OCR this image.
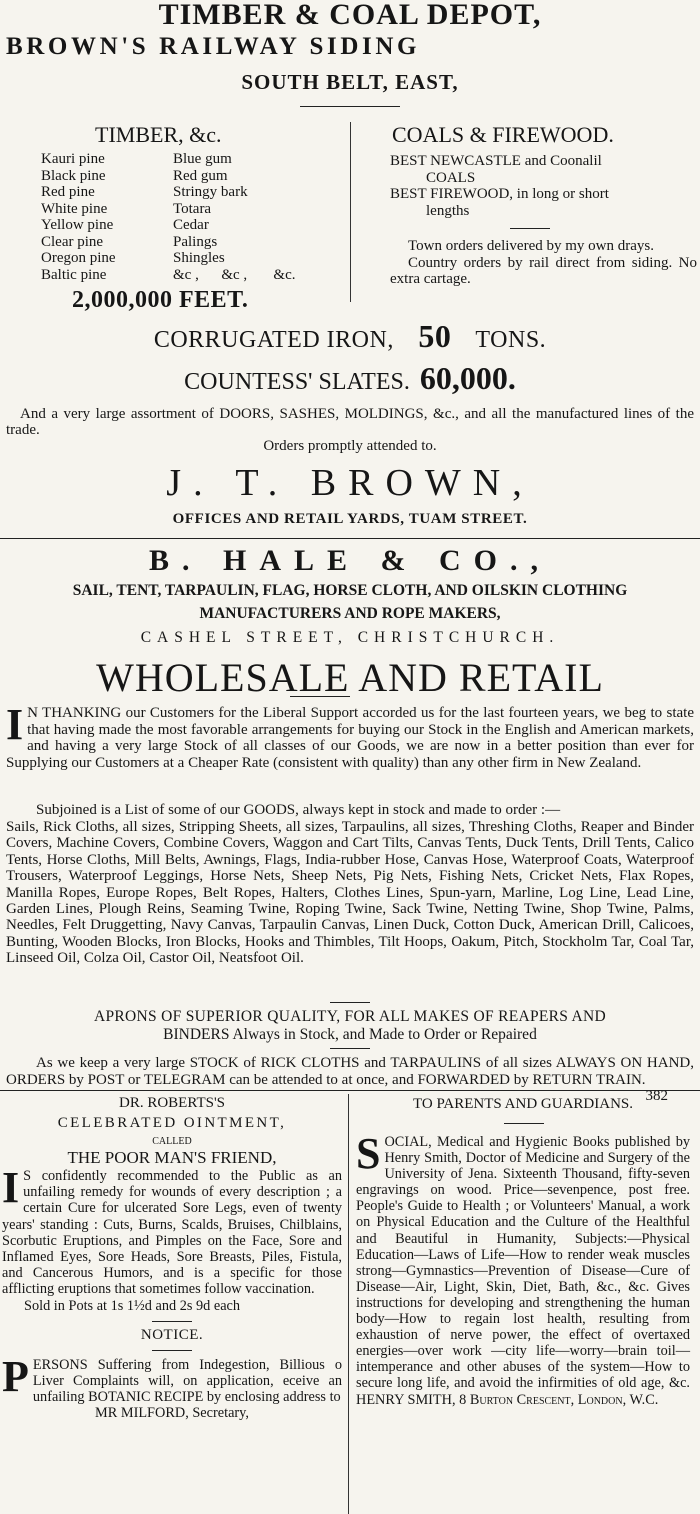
TIMBER & COAL DEPOT,
BROWN'S RAILWAY SIDING
SOUTH BELT, EAST,
TIMBER, &c.
Kauri pine
Black pine
Red pine
White pine
Yellow pine
Clear pine
Oregon pine
Baltic pine
Blue gum
Red gum
Stringy bark
Totara
Cedar
Palings
Shingles
&c ,      &c ,       &c.
2,000,000 FEET.
COALS & FIREWOOD.
BEST NEWCASTLE and Coonalil
COALS
BEST FIREWOOD, in long or short
lengths

Town orders delivered by my own drays.

Country orders by rail direct from siding. No extra cartage.

CORRUGATED IRON, 50 TONS.
COUNTESS' SLATES. 60,000.

And a very large assortment of DOORS, SASHES, MOLDINGS, &c., and all the manufactured lines of the trade.

Orders promptly attended to.
J. T. BROWN,
OFFICES AND RETAIL YARDS, TUAM STREET.
B. HALE & CO.,
SAIL, TENT, TARPAULIN, FLAG, HORSE CLOTH, AND OILSKIN CLOTHING
MANUFACTURERS AND ROPE MAKERS,
CASHEL STREET, CHRISTCHURCH.
WHOLESALE AND RETAIL
I N THANKING our Customers for the Liberal Support accorded us for the last fourteen years, we beg to state that having made the most favorable arrangements for buying our Stock in the English and American markets, and having a very large Stock of all classes of our Goods, we are now in a better position than ever for Supplying our Customers at a Cheaper Rate (consistent with quality) than any other firm in New Zealand.

Subjoined is a List of some of our GOODS, always kept in stock and made to order :—

Sails, Rick Cloths, all sizes, Stripping Sheets, all sizes, Tarpaulins, all sizes, Threshing Cloths, Reaper and Binder Covers, Machine Covers, Combine Covers, Waggon and Cart Tilts, Canvas Tents, Duck Tents, Drill Tents, Calico Tents, Horse Cloths, Mill Belts, Awnings, Flags, India-rubber Hose, Canvas Hose, Waterproof Coats, Waterproof Trousers, Waterproof Leggings, Horse Nets, Sheep Nets, Pig Nets, Fishing Nets, Cricket Nets, Flax Ropes, Manilla Ropes, Europe Ropes, Belt Ropes, Halters, Clothes Lines, Spun-yarn, Marline, Log Line, Lead Line, Garden Lines, Plough Reins, Seaming Twine, Roping Twine, Sack Twine, Netting Twine, Shop Twine, Palms, Needles, Felt Druggetting, Navy Canvas, Tarpaulin Canvas, Linen Duck, Cotton Duck, American Drill, Calicoes, Bunting, Wooden Blocks, Iron Blocks, Hooks and Thimbles, Tilt Hoops, Oakum, Pitch, Stockholm Tar, Coal Tar, Linseed Oil, Colza Oil, Castor Oil, Neatsfoot Oil.

APRONS OF SUPERIOR QUALITY, FOR ALL MAKES OF REAPERS AND
BINDERS Always in Stock, and Made to Order or Repaired
As we keep a very large STOCK of RICK CLOTHS and TARPAULINS of all sizes ALWAYS ON HAND, ORDERS by POST or TELEGRAM can be attended to at once, and FORWARDED by RETURN TRAIN.
382
DR. ROBERTS'S
CELEBRATED OINTMENT,
CALLED
THE POOR MAN'S FRIEND,
I S confidently recommended to the Public as an unfailing remedy for wounds of every description ; a certain Cure for ulcerated Sore Legs, even of twenty years' standing : Cuts, Burns, Scalds, Bruises, Chilblains, Scorbutic Eruptions, and Pimples on the Face, Sore and Inflamed Eyes, Sore Heads, Sore Breasts, Piles, Fistula, and Cancerous Humors, and is a specific for those afflicting eruptions that sometimes follow vaccination.
Sold in Pots at 1s 1½d and 2s 9d each
NOTICE.
P ERSONS Suffering from Indegestion, Billious o Liver Complaints will, on application, eceive an unfailing BOTANIC RECIPE by enclosing address to
MR MILFORD, Secretary,
TO PARENTS AND GUARDIANS.
S OCIAL, Medical and Hygienic Books published by Henry Smith, Doctor of Medicine and Surgery of the University of Jena. Sixteenth Thousand, fifty-seven engravings on wood. Price—sevenpence, post free. People's Guide to Health ; or Volunteers' Manual, a work on Physical Education and the Culture of the Healthful and Beautiful in Humanity, Subjects:—Physical Education—Laws of Life—How to render weak muscles strong—Gymnastics—Prevention of Disease—Cure of Disease—Air, Light, Skin, Diet, Bath, &c., &c. Gives instructions for developing and strengthening the human body—How to regain lost health, resulting from exhaustion of nerve power, the effect of overtaxed energies—over work —city life—worry—brain toil—intemperance and other abuses of the system—How to secure long life, and avoid the infirmities of old age, &c. HENRY SMITH, 8 Burton Crescent, London, W.C.
